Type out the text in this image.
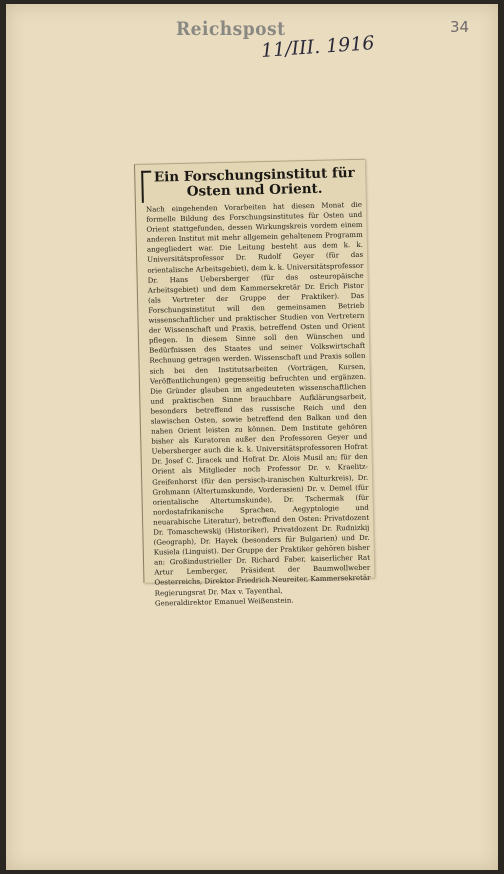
Reichspost
11/III. 1916
34
Ein Forschungsinstitut für Osten und Orient.
Nach eingehenden Vorarbeiten hat diesen Monat die formelle Bildung des Forschungsinstitutes für Osten und Orient stattgefunden, dessen Wirkungskreis vordem einem anderen Institut mit mehr allgemein gehaltenem Programm angegliedert war. Die Leitung besteht aus dem k. k. Universitätsprofessor Dr. Rudolf Geyer (für das orientalische Arbeitsgebiet), dem k. k. Universitätsprofessor Dr. Hans Uebersberger (für das osteuropäische Arbeitsgebiet) und dem Kammersekretär Dr. Erich Pistor (als Vertreter der Gruppe der Praktiker). Das Forschungsinstitut will den gemeinsamen Betrieb wissenschaftlicher und praktischer Studien von Vertretern der Wissenschaft und Praxis, betreffend Osten und Orient pflegen. In diesem Sinne soll den Wünschen und Bedürfnissen des Staates und seiner Volkswirtschaft Rechnung getragen werden. Wissenschaft und Praxis sollen sich bei den Institutsarbeiten (Vorträgen, Kursen, Veröffentlichungen) gegenseitig befruchten und ergänzen. Die Gründer glauben im angedeuteten wissenschaftlichen und praktischen Sinne brauchbare Aufklärungsarbeit, besonders betreffend das russische Reich und den slawischen Osten, sowie betreffend den Balkan und den nahen Orient leisten zu können. Dem Institute gehören bisher als Kuratoren außer den Professoren Geyer und Uebersberger auch die k. k. Universitätsprofessoren Hofrat Dr. Josef C. Jiracek und Hofrat Dr. Alois Musil an; für den Orient als Mitglieder noch Professor Dr. v. Kraelitz-Greifenhorst (für den persisch-iranischen Kulturkreis), Dr. Grohmann (Altertumskunde, Vorderasien) Dr. v. Demel (für orientalische Altertumskunde), Dr. Tschermak (für nordostafrikanische Sprachen, Aegyptologie und neuarabische Literatur), betreffend den Osten: Privatdozent Dr. Tomaschewskij (Historiker), Privatdozent Dr. Rudnizkij (Geograph), Dr. Hayek (besonders für Bulgarien) und Dr. Kusiela (Linguist). Der Gruppe der Praktiker gehören bisher an: Großindustrieller Dr. Richard Faber, kaiserlicher Rat Artur Lemberger, Präsident der Baumwollweber Oesterreichs, Direktor Friedrich Neureiter, Kammersekretär Regierungsrat Dr. Max v. Tayenthal,
Generaldirektor Emanuel Weißenstein.
